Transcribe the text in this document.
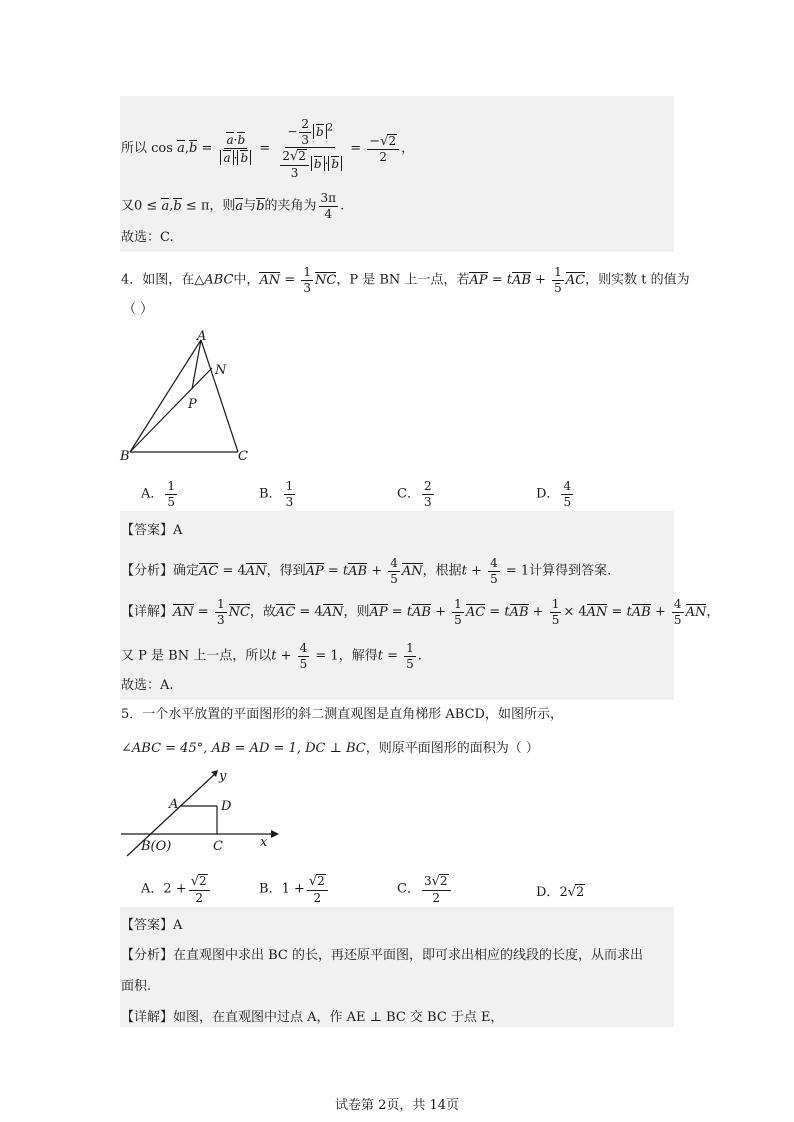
所以 $\cos a,b = \frac{a\cdot b}{a \cdot b} = \frac{- \frac{2}{3} b ^2}{\frac{2√2}{3} b \cdot b} = \frac{-√2}{2}$ ，
又0 ≤ a,b ≤ π，则a与b的夹角为 $\frac{3\pi}{4}$ .
故选：C.
4．如图，在△ABC中，AN = $\frac{1}{3}$ NC，P 是 BN 上一点，若AP = tAB + $\frac{1}{5}$ AC，则实数 t 的值为
（ ）
A
N
P
B	C
A． $\frac{1}{5}$	B． $\frac{1}{3}$	C． $\frac{2}{3}$	D． $\frac{4}{5}$
【答案】A
【分析】确定AC = 4AN，得到AP = tAB + $\frac{4}{5}$ AN，根据$t + \frac{4}{5} = 1$计算得到答案.
【详解】AN = $\frac{1}{3}$ NC，故AC = 4AN，则AP = tAB + $\frac{1}{5}$ AC = tAB + $\frac{1}{5} \times 4AN$ = tAB + $\frac{4}{5}$ AN，
又 P 是 BN 上一点，所以$t + \frac{4}{5} = 1$，解得$t = \frac{1}{5}$ .
故选：A.
5．一个水平放置的平面图形的斜二测直观图是直角梯形 ABCD，如图所示，
∠ABC = 45°, AB = AD = 1, DC ⊥ BC，则原平面图形的面积为（ ）
y
A	D
B(O)	C	x
A．$2 + \frac{√2}{2}$	B．$1 + \frac{√2}{2}$	C． $\frac{3√2}{2}$	D．2√2
【答案】A
【分析】在直观图中求出 BC 的长，再还原平面图，即可求出相应的线段的长度，从而求出
面积.
【详解】如图，在直观图中过点 A，作 AE ⊥ BC 交 BC 于点 E，
试卷第 2页，共 14页
